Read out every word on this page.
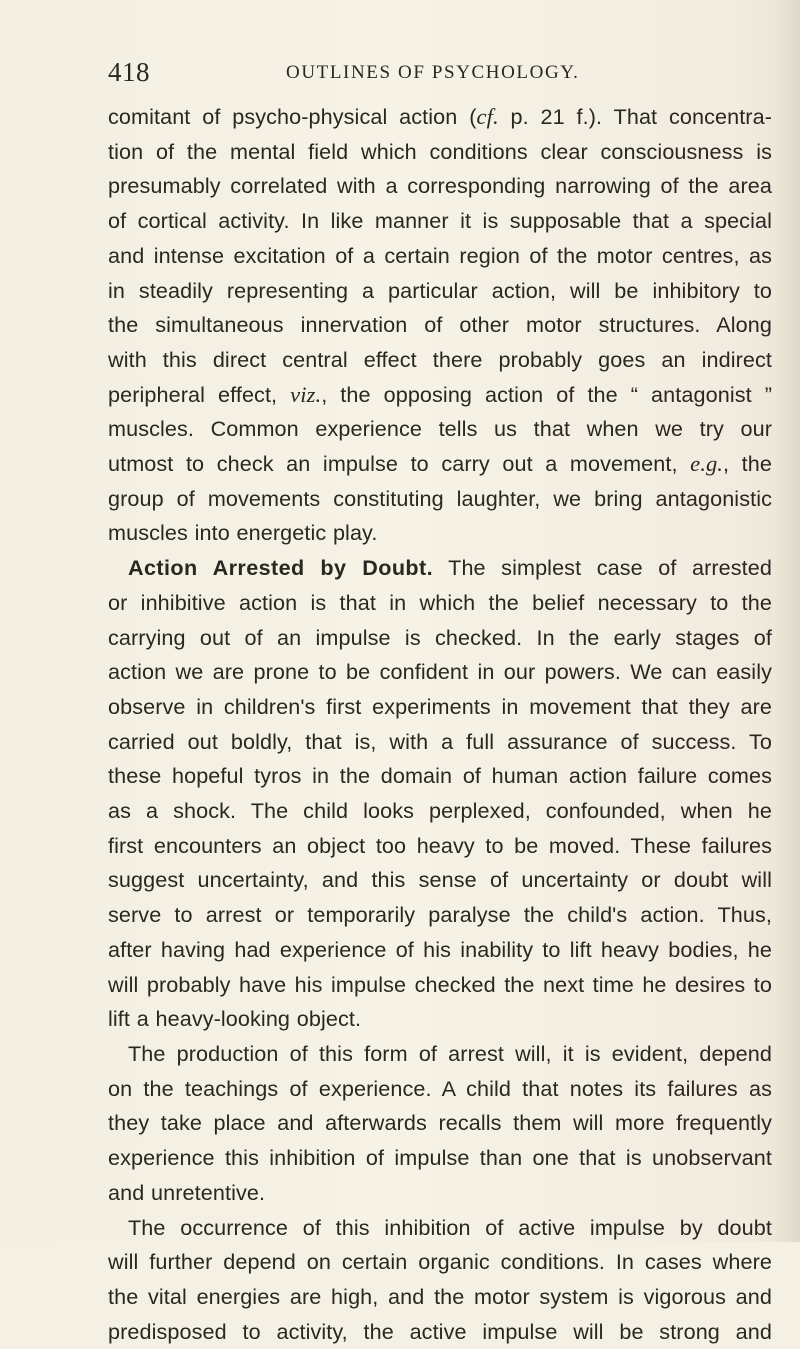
418	OUTLINES OF PSYCHOLOGY.

comitant of psycho-physical action (cf. p. 21 f.). That concentra-

tion of the mental field which conditions clear consciousness is

presumably correlated with a corresponding narrowing of the area

of cortical activity. In like manner it is supposable that a special

and intense excitation of a certain region of the motor centres, as

in steadily representing a particular action, will be inhibitory to

the simultaneous innervation of other motor structures. Along

with this direct central effect there probably goes an indirect

peripheral effect, viz., the opposing action of the “ antagonist ”

muscles. Common experience tells us that when we try our

utmost to check an impulse to carry out a movement, e.g., the

group of movements constituting laughter, we bring antagonistic

muscles into energetic play.

Action Arrested by Doubt. The simplest case of arrested

or inhibitive action is that in which the belief necessary to the

carrying out of an impulse is checked. In the early stages of

action we are prone to be confident in our powers. We can easily

observe in children's first experiments in movement that they are

carried out boldly, that is, with a full assurance of success. To

these hopeful tyros in the domain of human action failure comes

as a shock. The child looks perplexed, confounded, when he

first encounters an object too heavy to be moved. These failures

suggest uncertainty, and this sense of uncertainty or doubt will

serve to arrest or temporarily paralyse the child's action. Thus,

after having had experience of his inability to lift heavy bodies, he

will probably have his impulse checked the next time he desires to

lift a heavy-looking object.

The production of this form of arrest will, it is evident, depend

on the teachings of experience. A child that notes its failures as

they take place and afterwards recalls them will more frequently

experience this inhibition of impulse than one that is unobservant

and unretentive.

The occurrence of this inhibition of active impulse by doubt

will further depend on certain organic conditions. In cases where

the vital energies are high, and the motor system is vigorous and

predisposed to activity, the active impulse will be strong and
